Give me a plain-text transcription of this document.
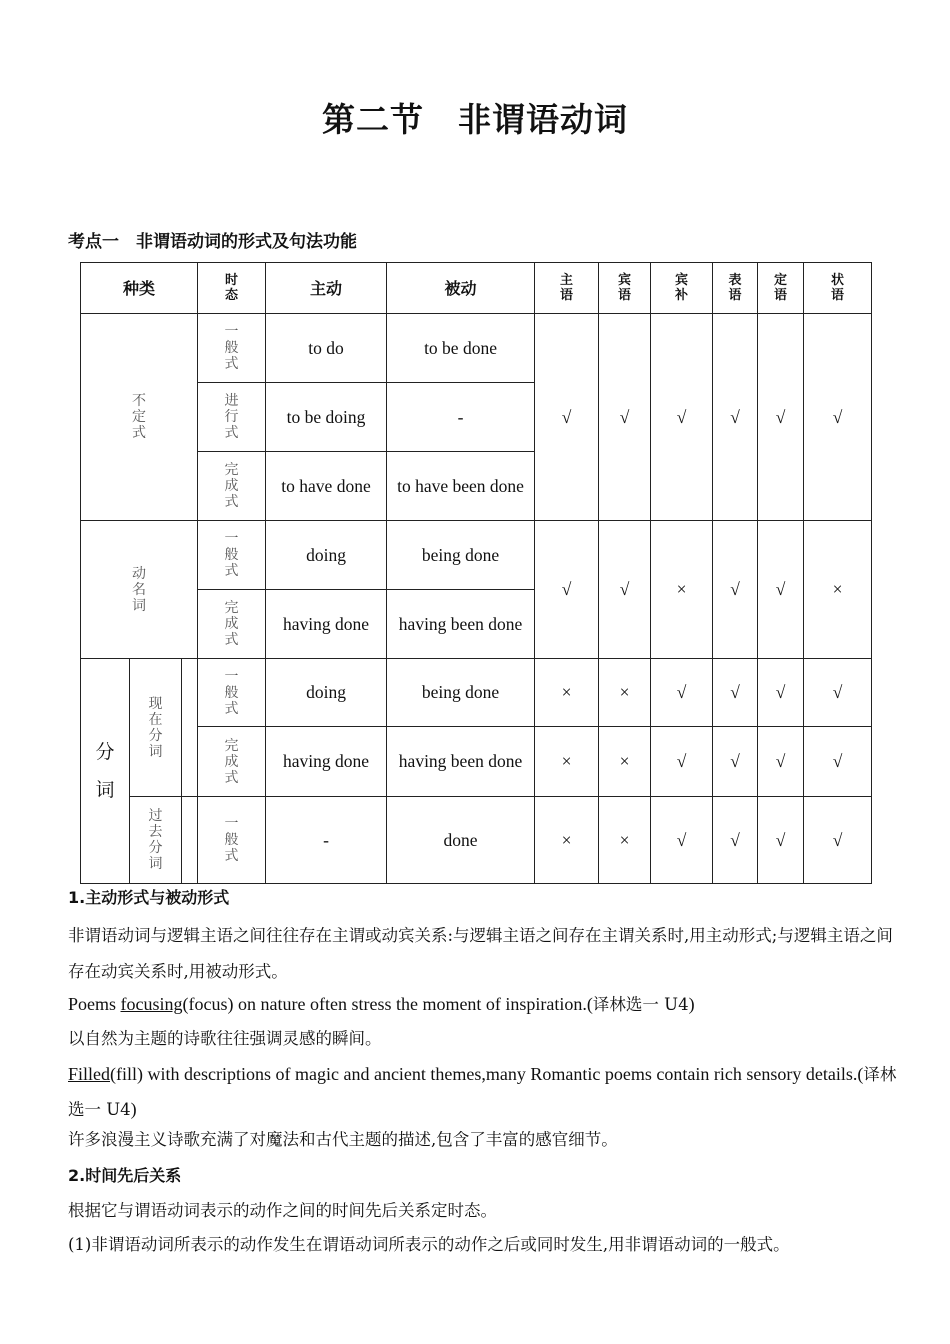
第二节 非谓语动词
考点一　非谓语动词的形式及句法功能
种类			时态	主动	被动	主语	宾语	宾补	表语	定语	状语
不定式			一般式	to do	to be done	√	√	√	√	√	√
			进行式	to be doing	-						
			完成式	to have done	to have been done						
动名词			一般式	doing	being done	√	√	×	√	√	×
			完成式	having done	having been done						
分词	现在分词		一般式	doing	being done	×	×	√	√	√	√
			完成式	having done	having been done	×	×	√	√	√	√
	过去分词		一般式	-	done	×	×	√	√	√	√
1.主动形式与被动形式
非谓语动词与逻辑主语之间往往存在主谓或动宾关系:与逻辑主语之间存在主谓关系时,用主动形式;与逻辑主语之间存在动宾关系时,用被动形式。
Poems focusing(focus) on nature often stress the moment of inspiration.(译林选一 U4)
以自然为主题的诗歌往往强调灵感的瞬间。
Filled(fill) with descriptions of magic and ancient themes,many Romantic poems contain rich sensory details.(译林选一 U4)
许多浪漫主义诗歌充满了对魔法和古代主题的描述,包含了丰富的感官细节。
2.时间先后关系
根据它与谓语动词表示的动作之间的时间先后关系定时态。
(1)非谓语动词所表示的动作发生在谓语动词所表示的动作之后或同时发生,用非谓语动词的一般式。
